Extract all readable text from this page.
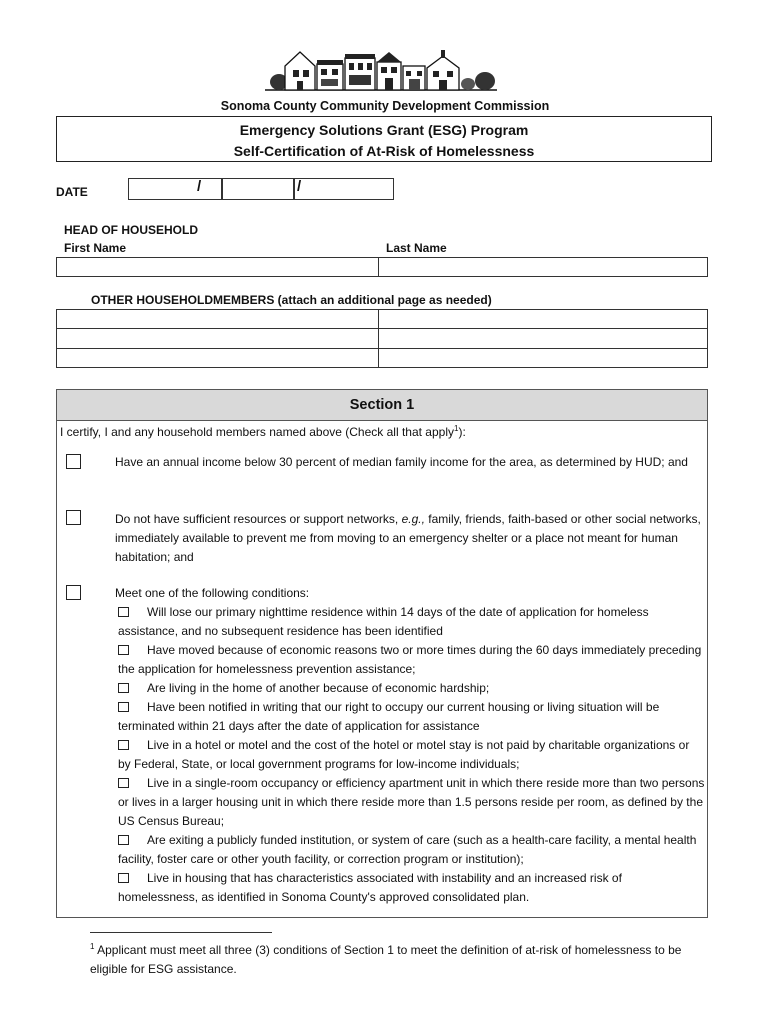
Sonoma County Community Development Commission
Emergency Solutions Grant (ESG) Program
Self-Certification of At-Risk of Homelessness
DATE	/	/
HEAD OF HOUSEHOLD
First Name	Last Name
OTHER HOUSEHOLDMEMBERS (attach an additional page as needed)
Section 1
I certify, I and any household members named above (Check all that apply$^1$):
Have an annual income below 30 percent of median family income for the area, as determined by HUD; and
Do not have sufficient resources or support networks, e.g., family, friends, faith-based or other social networks, immediately available to prevent me from moving to an emergency shelter or a place not meant for human habitation; and
Meet one of the following conditions:
Will lose our primary nighttime residence within 14 days of the date of application for homeless assistance, and no subsequent residence has been identified
Have moved because of economic reasons two or more times during the 60 days immediately preceding the application for homelessness prevention assistance;
Are living in the home of another because of economic hardship;
Have been notified in writing that our right to occupy our current housing or living situation will be terminated within 21 days after the date of application for assistance
Live in a hotel or motel and the cost of the hotel or motel stay is not paid by charitable organizations or by Federal, State, or local government programs for low-income individuals;
Live in a single-room occupancy or efficiency apartment unit in which there reside more than two persons or lives in a larger housing unit in which there reside more than 1.5 persons reside per room, as defined by the US Census Bureau;
Are exiting a publicly funded institution, or system of care (such as a health-care facility, a mental health facility, foster care or other youth facility, or correction program or institution);
Live in housing that has characteristics associated with instability and an increased risk of homelessness, as identified in Sonoma County's approved consolidated plan.
$^1$ Applicant must meet all three (3) conditions of Section 1 to meet the definition of at-risk of homelessness to be eligible for ESG assistance.
